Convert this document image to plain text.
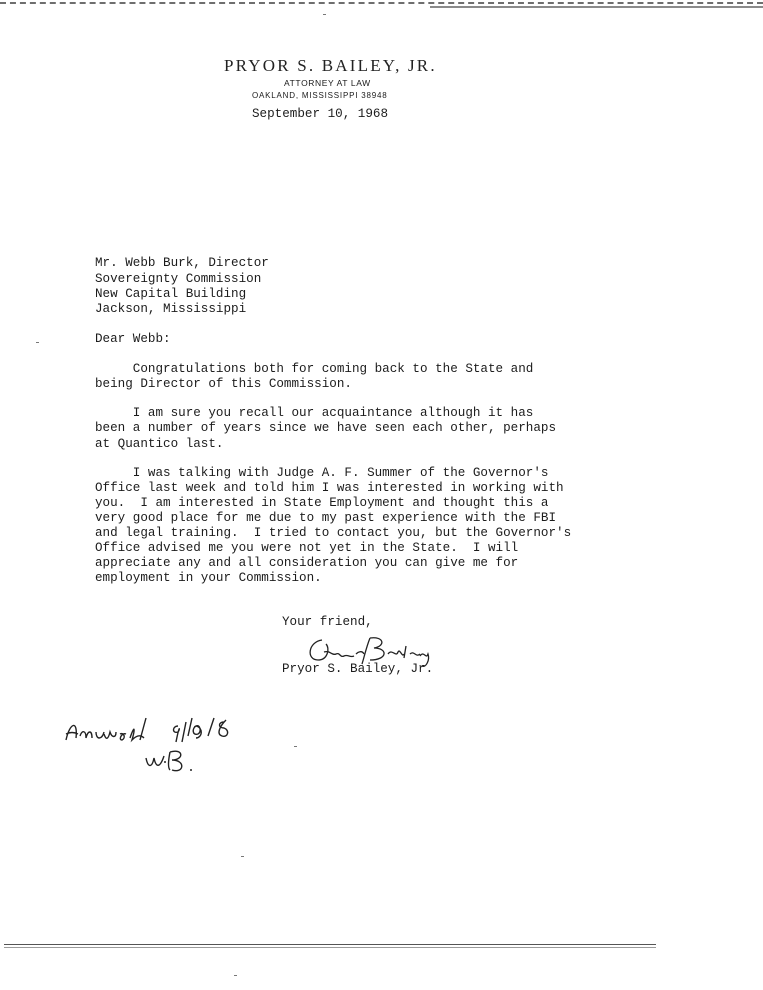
PRYOR S. BAILEY, JR.
ATTORNEY AT LAW
OAKLAND, MISSISSIPPI 38948
September 10, 1968
Mr. Webb Burk, Director
Sovereignty Commission
New Capital Building
Jackson, Mississippi
Dear Webb:
Congratulations both for coming back to the State and
being Director of this Commission.
I am sure you recall our acquaintance although it has
been a number of years since we have seen each other, perhaps
at Quantico last.
I was talking with Judge A. F. Summer of the Governor's
Office last week and told him I was interested in working with
you.  I am interested in State Employment and thought this a
very good place for me due to my past experience with the FBI
and legal training.  I tried to contact you, but the Governor's
Office advised me you were not yet in the State.  I will
appreciate any and all consideration you can give me for
employment in your Commission.
Your friend,
Pryor S. Bailey, Jr.
